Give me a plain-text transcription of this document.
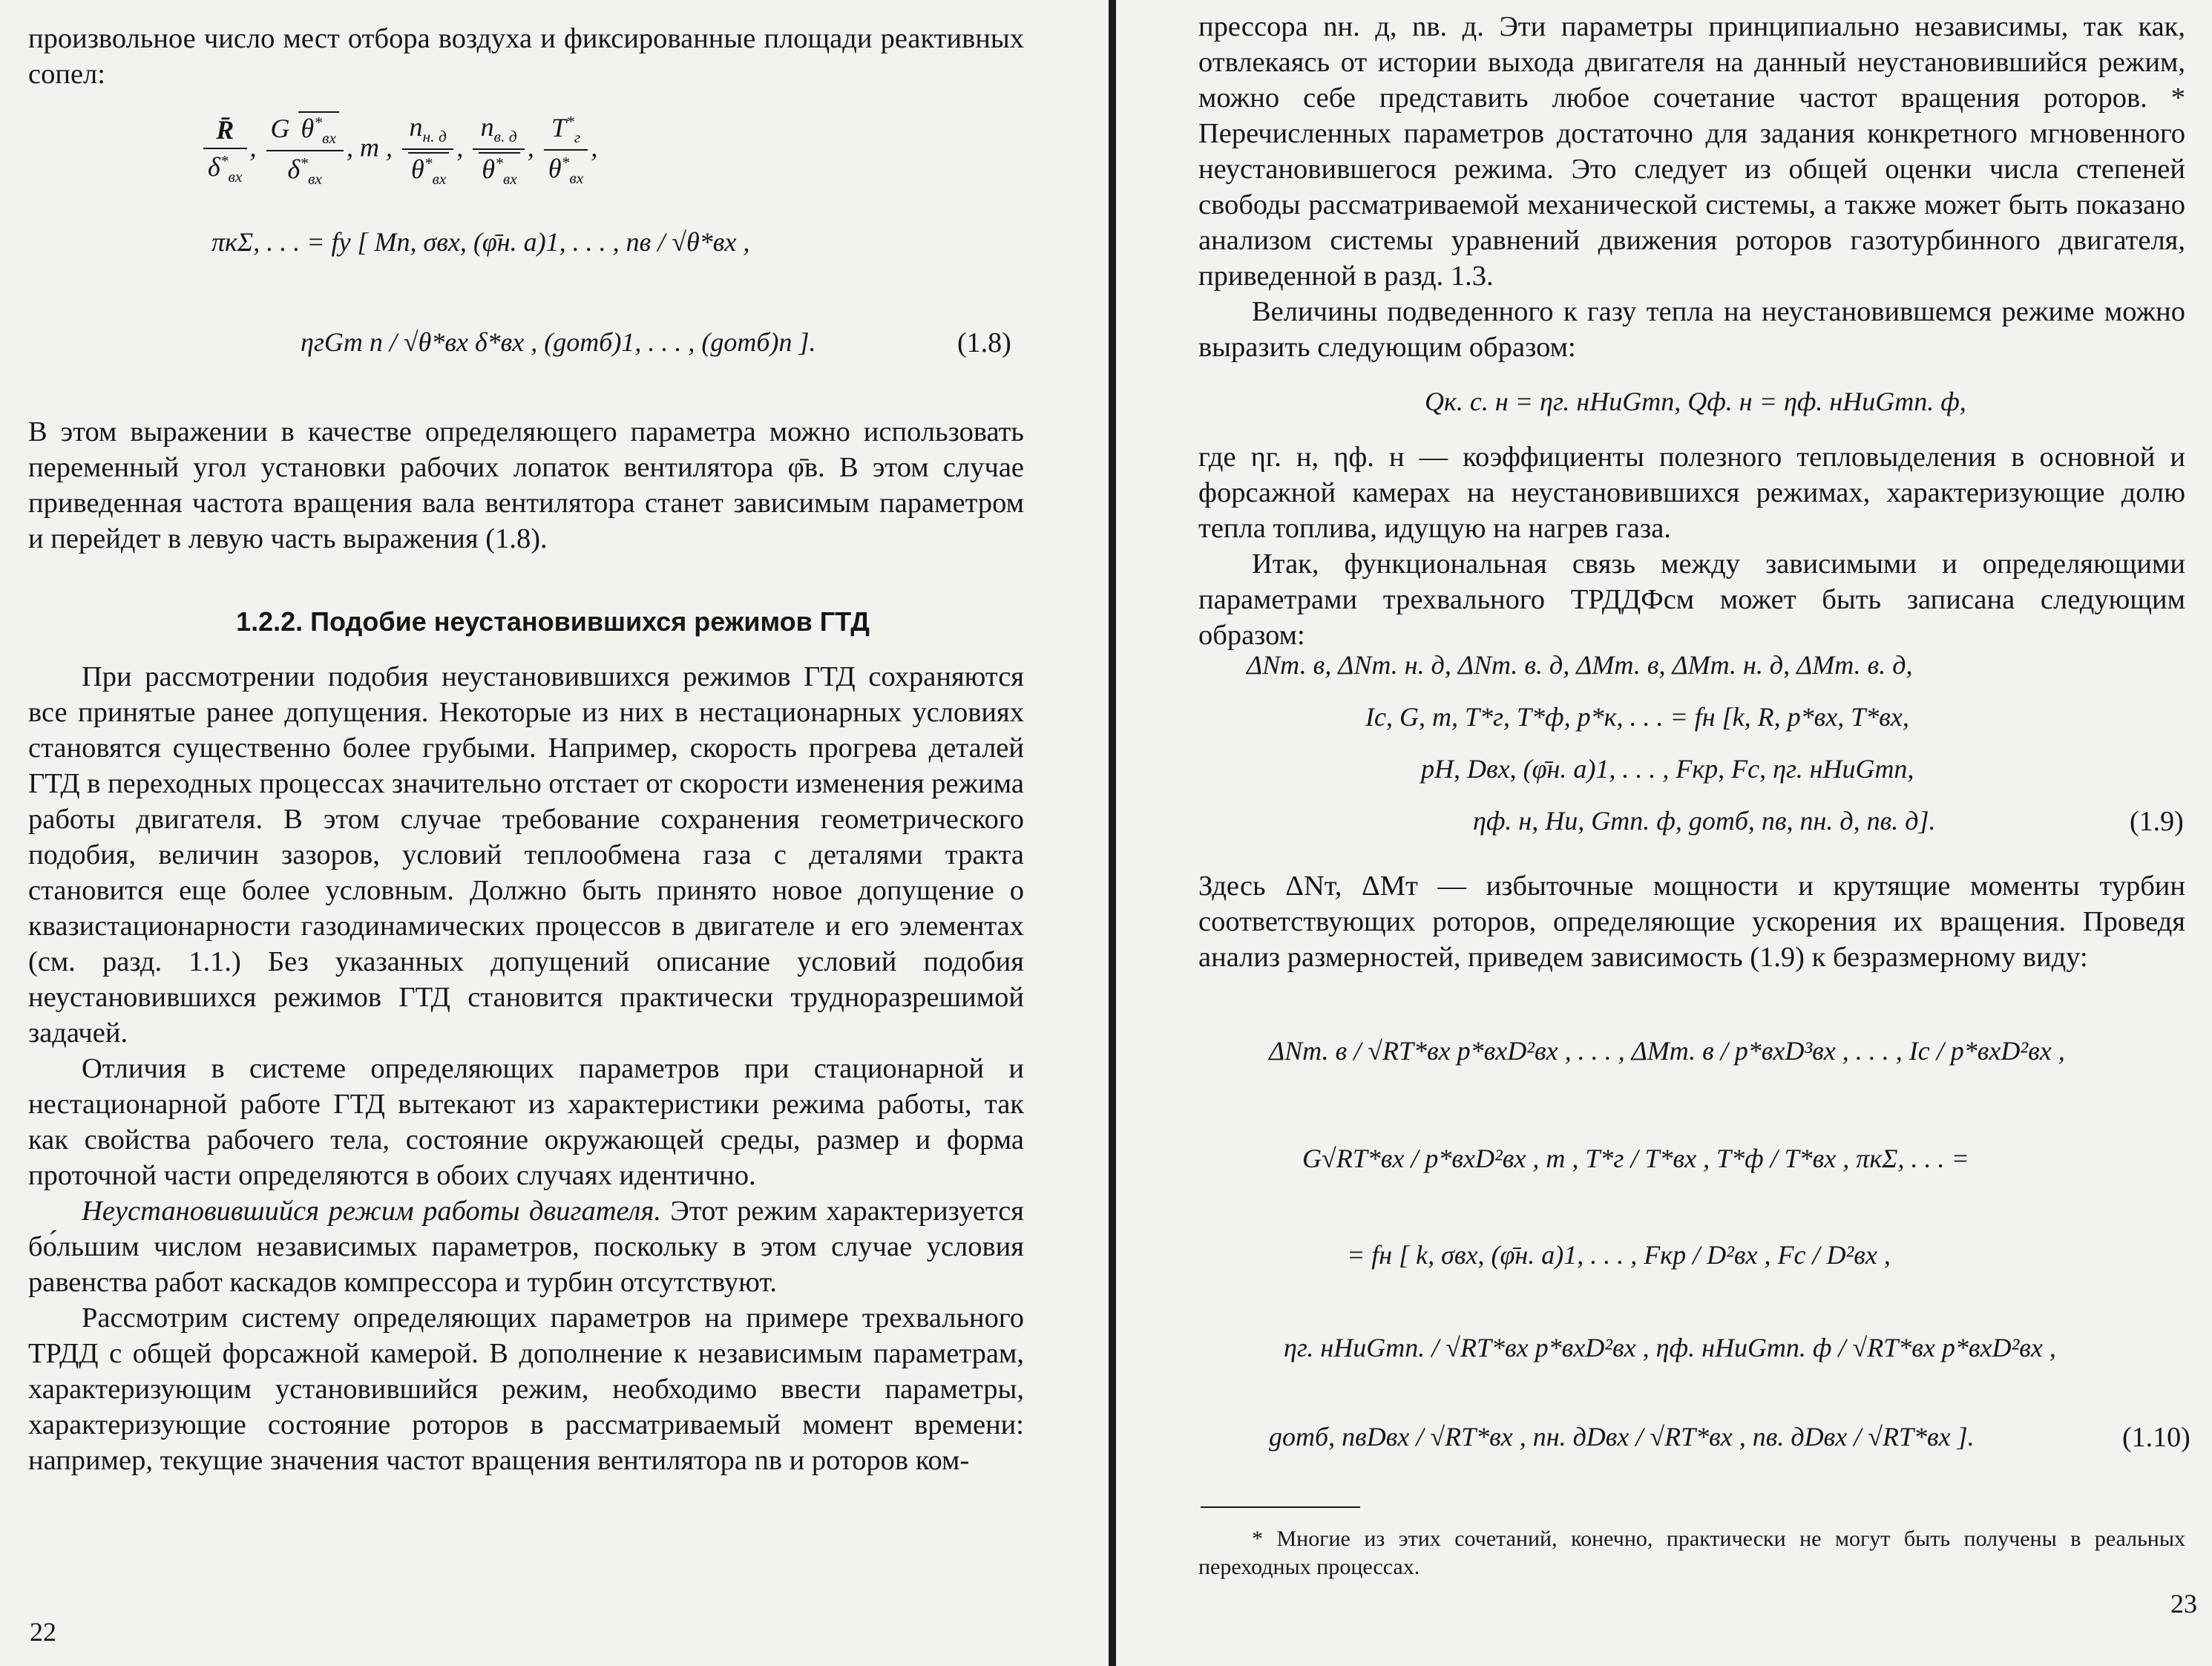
произвольное число мест отбора воздуха и фиксированные площади реактивных сопел:

$\frac{R̄}{\delta^*_{вх}}$ , $\frac{G \theta^*_{вх}}{\delta^*_{вх}}$ , m , $\frac{n_{н. д}}{\theta^*_{вх}}$ , $\frac{n_{в. д}}{\theta^*_{вх}}$ , $\frac{T^*_г}{\theta^*_{вх}}$ ,
πкΣ, . . . = fу [ Mп, σвх, (φ̄н. а)1, . . . , nв / √θ*вх ,
ηгGт п / √θ*вх δ*вх , (gотб)1, . . . , (gотб)n ].	(1.8)

В этом выражении в качестве определяющего параметра можно использовать переменный угол установки рабочих лопаток вентилятора φ̄в. В этом случае приведенная частота вращения вала вентилятора станет зависимым параметром и перейдет в левую часть выражения (1.8).

1.2.2. Подобие неустановившихся режимов ГТД

При рассмотрении подобия неустановившихся режимов ГТД сохраняются все принятые ранее допущения. Некоторые из них в нестационарных условиях становятся существенно более грубыми. Например, скорость прогрева деталей ГТД в переходных процессах значительно отстает от скорости изменения режима работы двигателя. В этом случае требование сохранения геометрического подобия, величин зазоров, условий теплообмена газа с деталями тракта становится еще более условным. Должно быть принято новое допущение о квазистационарности газодинамических процессов в двигателе и его элементах (см. разд. 1.1.) Без указанных допущений описание условий подобия неустановившихся режимов ГТД становится практически трудноразрешимой задачей.

Отличия в системе определяющих параметров при стационарной и нестационарной работе ГТД вытекают из характеристики режима работы, так как свойства рабочего тела, состояние окружающей среды, размер и форма проточной части определяются в обоих случаях идентично.

Неустановившийся режим работы двигателя. Этот режим характеризуется бо́льшим числом независимых параметров, поскольку в этом случае условия равенства работ каскадов компрессора и турбин отсутствуют.

Рассмотрим систему определяющих параметров на примере трехвального ТРДД с общей форсажной камерой. В дополнение к независимым параметрам, характеризующим установившийся режим, необходимо ввести параметры, характеризующие состояние роторов в рассматриваемый момент времени: например, текущие значения частот вращения вентилятора nв и роторов ком-

22

прессора nн. д, nв. д. Эти параметры принципиально независимы, так как, отвлекаясь от истории выхода двигателя на данный неустановившийся режим, можно себе представить любое сочетание частот вращения роторов. * Перечисленных параметров достаточно для задания конкретного мгновенного неустановившегося режима. Это следует из общей оценки числа степеней свободы рассматриваемой механической системы, а также может быть показано анализом системы уравнений движения роторов газотурбинного двигателя, приведенной в разд. 1.3.

Величины подведенного к газу тепла на неустановившемся режиме можно выразить следующим образом:

Qк. с. н = ηг. нHuGтп, Qф. н = ηф. нHuGтп. ф,

где ηг. н, ηф. н — коэффициенты полезного тепловыделения в основной и форсажной камерах на неустановившихся режимах, характеризующие долю тепла топлива, идущую на нагрев газа.

Итак, функциональная связь между зависимыми и определяющими параметрами трехвального ТРДДФсм может быть записана следующим образом:

ΔNт. в, ΔNт. н. д, ΔNт. в. д, ΔMт. в, ΔMт. н. д, ΔMт. в. д,
Iс, G, m, T*г, T*ф, p*к, . . . = fн [k, R, p*вх, T*вх,
pH, Dвх, (φ̄н. а)1, . . . , Fкр, Fс, ηг. нHuGтп,
ηф. н, Hu, Gтп. ф, gотб, nв, nн. д, nв. д].	(1.9)

Здесь ΔNт, ΔMт — избыточные мощности и крутящие моменты турбин соответствующих роторов, определяющие ускорения их вращения. Проведя анализ размерностей, приведем зависимость (1.9) к безразмерному виду:

ΔNт. в / √RT*вх p*вхD²вх , . . . , ΔMт. в / p*вхD³вх , . . . , Iс / p*вхD²вх ,
G√RT*вх / p*вхD²вх , m , T*г / T*вх , T*ф / T*вх , πкΣ, . . . =
= fн [ k, σвх, (φ̄н. а)1, . . . , Fкр / D²вх , Fс / D²вх ,
ηг. нHuGтп. / √RT*вх p*вхD²вх , ηф. нHuGтп. ф / √RT*вх p*вхD²вх ,
gотб, nвDвх / √RT*вх , nн. дDвх / √RT*вх , nв. дDвх / √RT*вх ].	(1.10)

* Многие из этих сочетаний, конечно, практически не могут быть получены в реальных переходных процессах.

23
